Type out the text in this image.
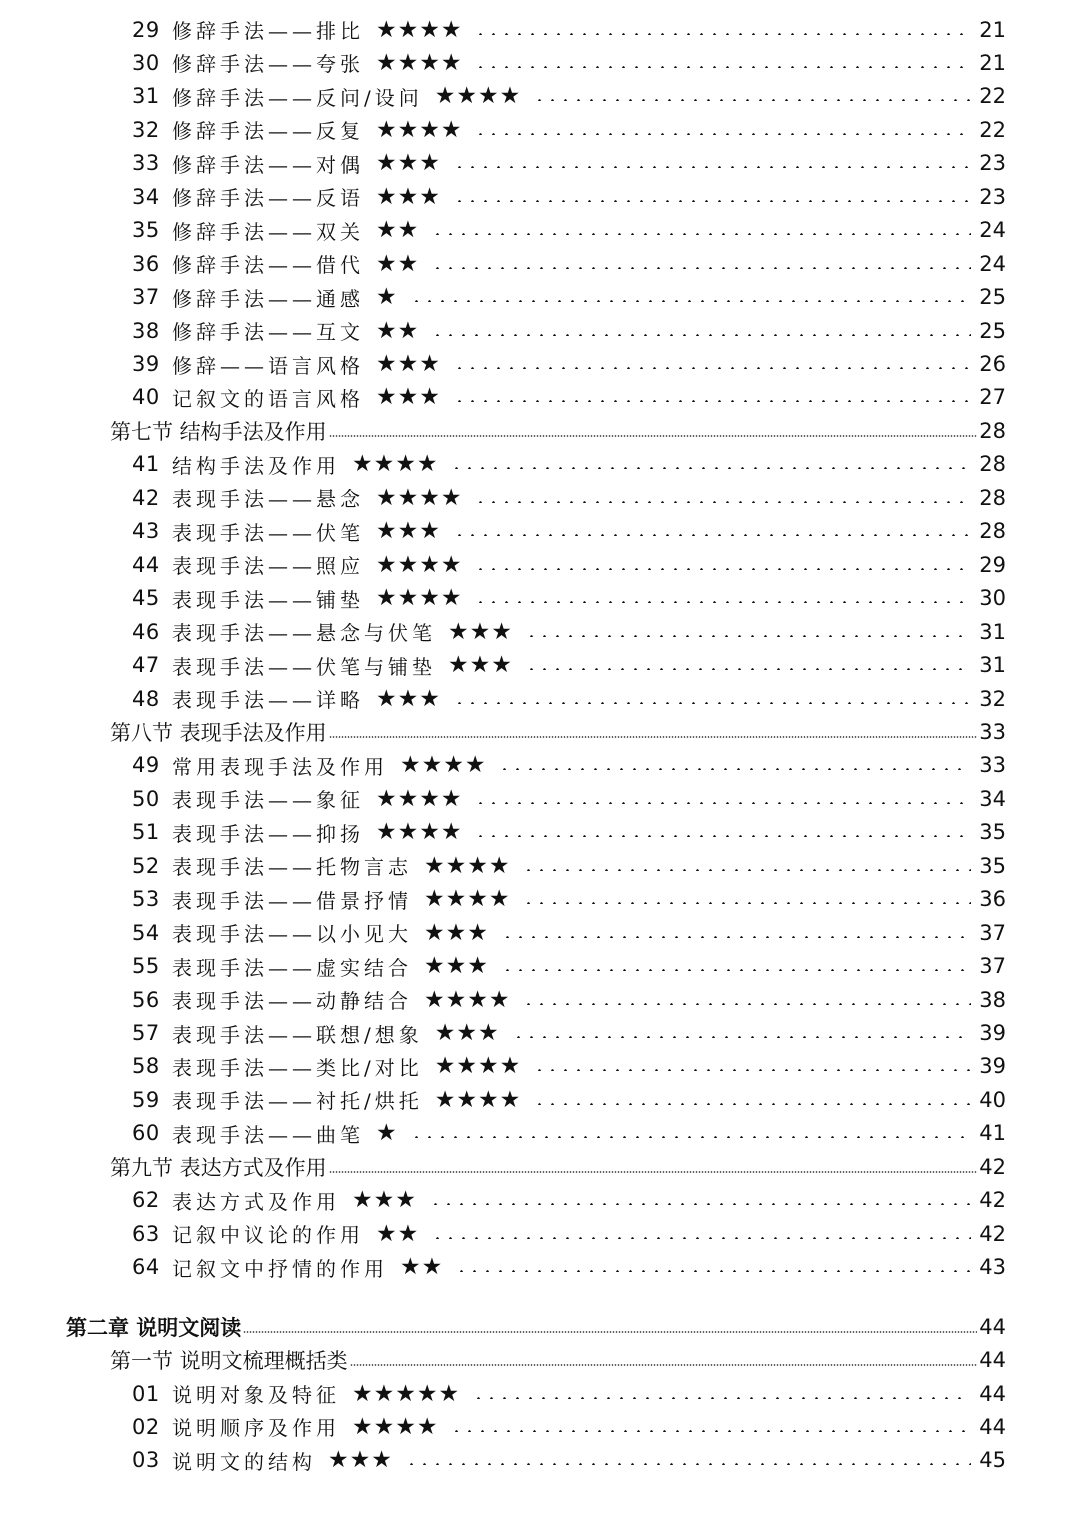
29 修辞手法——排比 ★★★★	21
30 修辞手法——夸张 ★★★★	21
31 修辞手法——反问/设问 ★★★★	22
32 修辞手法——反复 ★★★★	22
33 修辞手法——对偶 ★★★	23
34 修辞手法——反语 ★★★	23
35 修辞手法——双关 ★★	24
36 修辞手法——借代 ★★	24
37 修辞手法——通感 ★	25
38 修辞手法——互文 ★★	25
39 修辞——语言风格 ★★★	26
40 记叙文的语言风格 ★★★	27
第七节 结构手法及作用	28
41 结构手法及作用 ★★★★	28
42 表现手法——悬念 ★★★★	28
43 表现手法——伏笔 ★★★	28
44 表现手法——照应 ★★★★	29
45 表现手法——铺垫 ★★★★	30
46 表现手法——悬念与伏笔 ★★★	31
47 表现手法——伏笔与铺垫 ★★★	31
48 表现手法——详略 ★★★	32
第八节 表现手法及作用	33
49 常用表现手法及作用 ★★★★	33
50 表现手法——象征 ★★★★	34
51 表现手法——抑扬 ★★★★	35
52 表现手法——托物言志 ★★★★	35
53 表现手法——借景抒情 ★★★★	36
54 表现手法——以小见大 ★★★	37
55 表现手法——虚实结合 ★★★	37
56 表现手法——动静结合 ★★★★	38
57 表现手法——联想/想象 ★★★	39
58 表现手法——类比/对比 ★★★★	39
59 表现手法——衬托/烘托 ★★★★	40
60 表现手法——曲笔 ★	41
第九节 表达方式及作用	42
62 表达方式及作用 ★★★	42
63 记叙中议论的作用 ★★	42
64 记叙文中抒情的作用 ★★	43
第二章 说明文阅读	44
第一节 说明文梳理概括类	44
01 说明对象及特征 ★★★★★	44
02 说明顺序及作用 ★★★★	44
03 说明文的结构 ★★★	45
